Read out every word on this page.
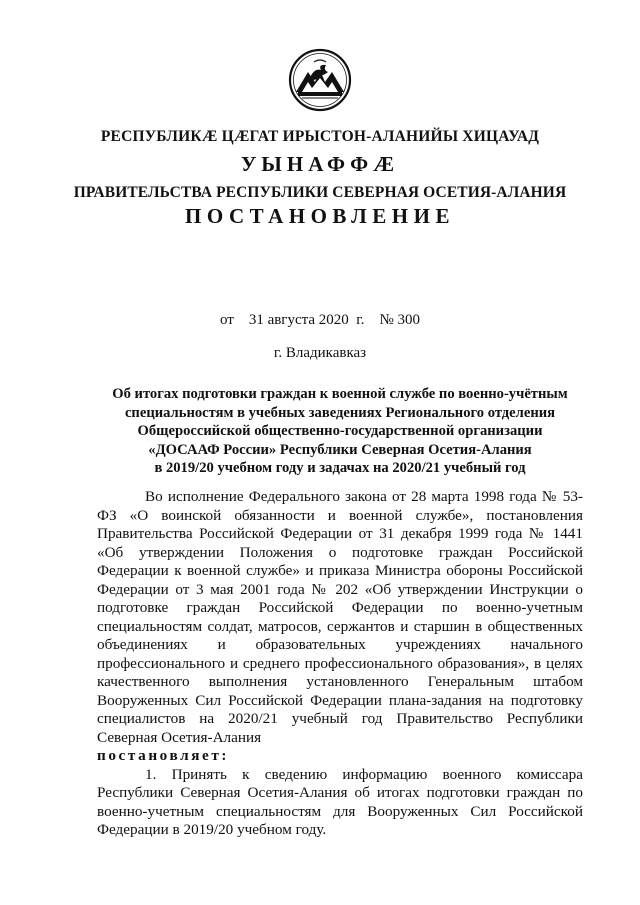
РЕСПУБЛИКÆ ЦÆГАТ ИРЫСТОН-АЛАНИЙЫ ХИЦАУАД
УЫНАФФÆ
ПРАВИТЕЛЬСТВА РЕСПУБЛИКИ СЕВЕРНАЯ ОСЕТИЯ-АЛАНИЯ
ПОСТАНОВЛЕНИЕ
от 31 августа 2020 г. № 300
г. Владикавказ
Об итогах подготовки граждан к военной службе по военно-учётным
специальностям в учебных заведениях Регионального отделения
Общероссийской общественно-государственной организации
«ДОСААФ России» Республики Северная Осетия-Алания
в 2019/20 учебном году и задачах на 2020/21 учебный год

Во исполнение Федерального закона от 28 марта 1998 года № 53-ФЗ «О воинской обязанности и военной службе», постановления Правительства Российской Федерации от 31 декабря 1999 года № 1441 «Об утверждении Положения о подготовке граждан Российской Федерации к военной службе» и приказа Министра обороны Российской Федерации от 3 мая 2001 года № 202 «Об утверждении Инструкции о подготовке граждан Российской Федерации по военно-учетным специальностям солдат, матросов, сержантов и старшин в общественных объединениях и образовательных учреждениях начального профессионального и среднего профессионального образования», в целях качественного выполнения установленного Генеральным штабом Вооруженных Сил Российской Федерации плана-задания на подготовку специалистов на 2020/21 учебный год Правительство Республики Северная Осетия-Алания

постановляет:

1. Принять к сведению информацию военного комиссара Республики Северная Осетия-Алания об итогах подготовки граждан по военно-учетным специальностям для Вооруженных Сил Российской Федерации в 2019/20 учебном году.
